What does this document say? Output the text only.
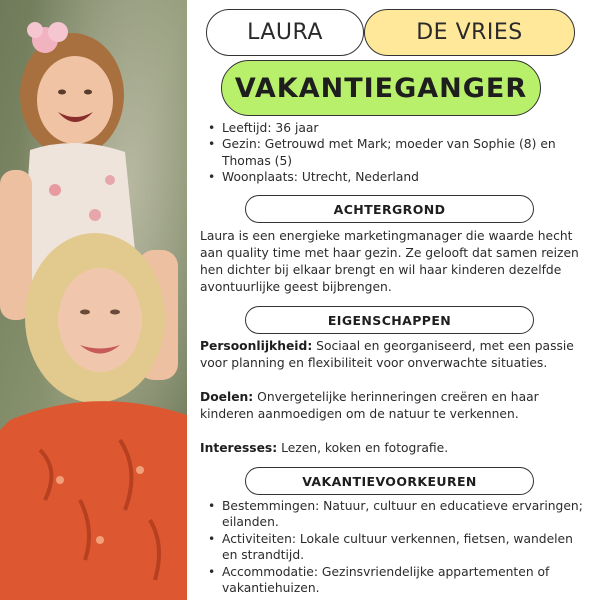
LAURA	DE VRIES
VAKANTIEGANGER
• Leeftijd: 36 jaar
• Gezin: Getrouwd met Mark; moeder van Sophie (8) en Thomas (5)
• Woonplaats: Utrecht, Nederland
ACHTERGROND

Laura is een energieke marketingmanager die waarde hecht aan quality time met haar gezin. Ze gelooft dat samen reizen hen dichter bij elkaar brengt en wil haar kinderen dezelfde avontuurlijke geest bijbrengen.

EIGENSCHAPPEN

Persoonlijkheid: Sociaal en georganiseerd, met een passie voor planning en flexibiliteit voor onverwachte situaties.

Doelen: Onvergetelijke herinneringen creëren en haar kinderen aanmoedigen om de natuur te verkennen.

Interesses: Lezen, koken en fotografie.

VAKANTIEVOORKEUREN
• Bestemmingen: Natuur, cultuur en educatieve ervaringen; eilanden.
• Activiteiten: Lokale cultuur verkennen, fietsen, wandelen en strandtijd.
• Accommodatie: Gezinsvriendelijke appartementen of vakantiehuizen.
